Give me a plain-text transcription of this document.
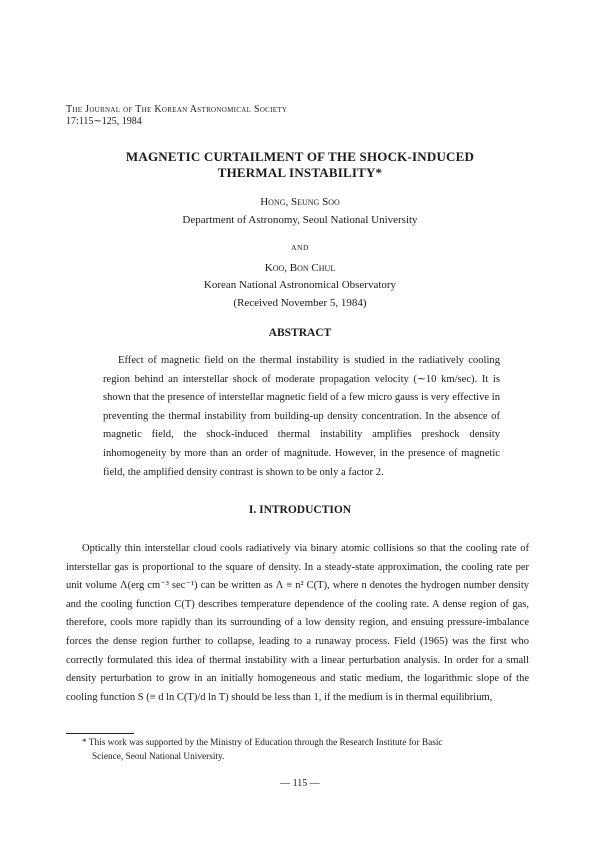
The Journal of The Korean Astronomical Society
17:115∼125, 1984
MAGNETIC CURTAILMENT OF THE SHOCK-INDUCED
THERMAL INSTABILITY*
Hong, Seung Soo
Department of Astronomy, Seoul National University
AND
Koo, Bon Chul
Korean National Astronomical Observatory
(Received November 5, 1984)
ABSTRACT

Effect of magnetic field on the thermal instability is studied in the radiatively cooling region behind an interstellar shock of moderate propagation velocity (∼10 km/sec). It is shown that the presence of interstellar magnetic field of a few micro gauss is very effective in preventing the thermal instability from building-up density concentration. In the absence of magnetic field, the shock-induced thermal instability amplifies preshock density inhomogeneity by more than an order of magnitude. However, in the presence of magnetic field, the amplified density contrast is shown to be only a factor 2.

I. INTRODUCTION

Optically thin interstellar cloud cools radiatively via binary atomic collisions so that the cooling rate of interstellar gas is proportional to the square of density. In a steady-state approximation, the cooling rate per unit volume Λ(erg cm⁻³ sec⁻¹) can be written as Λ ≡ n² C(T), where n denotes the hydrogen number density and the cooling function C(T) describes temperature dependence of the cooling rate. A dense region of gas, therefore, cools more rapidly than its surrounding of a low density region, and ensuing pressure-imbalance forces the dense region further to collapse, leading to a runaway process. Field (1965) was the first who correctly formulated this idea of thermal instability with a linear perturbation analysis. In order for a small density perturbation to grow in an initially homogeneous and static medium, the logarithmic slope of the cooling function S (≡ d ln C(T)/d ln T) should be less than 1, if the medium is in thermal equilibrium,

* This work was supported by the Ministry of Education through the Research Institute for Basic
Science, Seoul National University.
— 115 —
